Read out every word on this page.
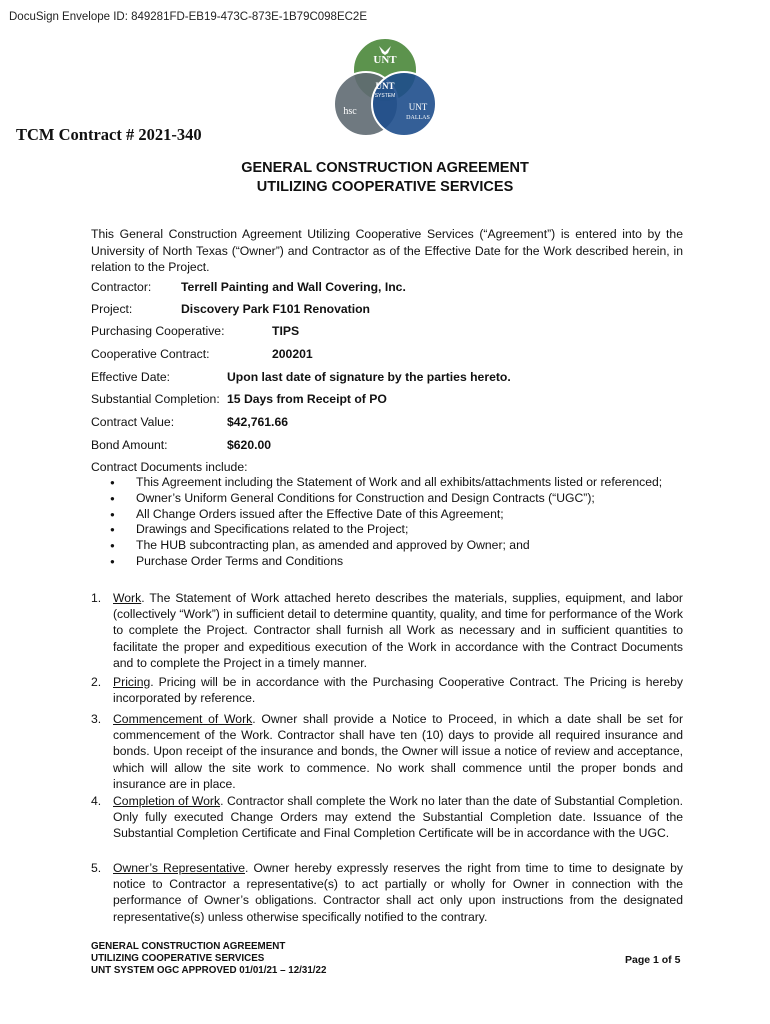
DocuSign Envelope ID: 849281FD-EB19-473C-873E-1B79C098EC2E
UNT
UNT
SYSTEM
hsc	UNT
DALLAS
TCM Contract # 2021-340
GENERAL CONSTRUCTION AGREEMENT
UTILIZING COOPERATIVE SERVICES
This General Construction Agreement Utilizing Cooperative Services (“Agreement”) is entered into by the University of North Texas (“Owner”) and Contractor as of the Effective Date for the Work described herein, in relation to the Project.
Contractor: Terrell Painting and Wall Covering, Inc.
Project:	Discovery Park F101 Renovation
Purchasing Cooperative:	TIPS
Cooperative Contract:	200201
Effective Date:	Upon last date of signature by the parties hereto.
Substantial Completion: 15 Days from Receipt of PO
Contract Value:	$42,761.66
Bond Amount:	$620.00
Contract Documents include:
● This Agreement including the Statement of Work and all exhibits/attachments listed or referenced;
● Owner’s Uniform General Conditions for Construction and Design Contracts (“UGC”);
● All Change Orders issued after the Effective Date of this Agreement;
● Drawings and Specifications related to the Project;
● The HUB subcontracting plan, as amended and approved by Owner; and
● Purchase Order Terms and Conditions
1. Work. The Statement of Work attached hereto describes the materials, supplies, equipment, and labor (collectively “Work”) in sufficient detail to determine quantity, quality, and time for performance of the Work to complete the Project. Contractor shall furnish all Work as necessary and in sufficient quantities to facilitate the proper and expeditious execution of the Work in accordance with the Contract Documents and to complete the Project in a timely manner.
2. Pricing. Pricing will be in accordance with the Purchasing Cooperative Contract. The Pricing is hereby incorporated by reference.
3. Commencement of Work. Owner shall provide a Notice to Proceed, in which a date shall be set for commencement of the Work. Contractor shall have ten (10) days to provide all required insurance and bonds. Upon receipt of the insurance and bonds, the Owner will issue a notice of review and acceptance, which will allow the site work to commence. No work shall commence until the proper bonds and insurance are in place.
4. Completion of Work. Contractor shall complete the Work no later than the date of Substantial Completion. Only fully executed Change Orders may extend the Substantial Completion date. Issuance of the Substantial Completion Certificate and Final Completion Certificate will be in accordance with the UGC.
5. Owner’s Representative. Owner hereby expressly reserves the right from time to time to designate by notice to Contractor a representative(s) to act partially or wholly for Owner in connection with the performance of Owner’s obligations. Contractor shall act only upon instructions from the designated representative(s) unless otherwise specifically notified to the contrary.
GENERAL CONSTRUCTION AGREEMENT
UTILIZING COOPERATIVE SERVICES
UNT SYSTEM OGC APPROVED 01/01/21 – 12/31/22
Page 1 of 5
